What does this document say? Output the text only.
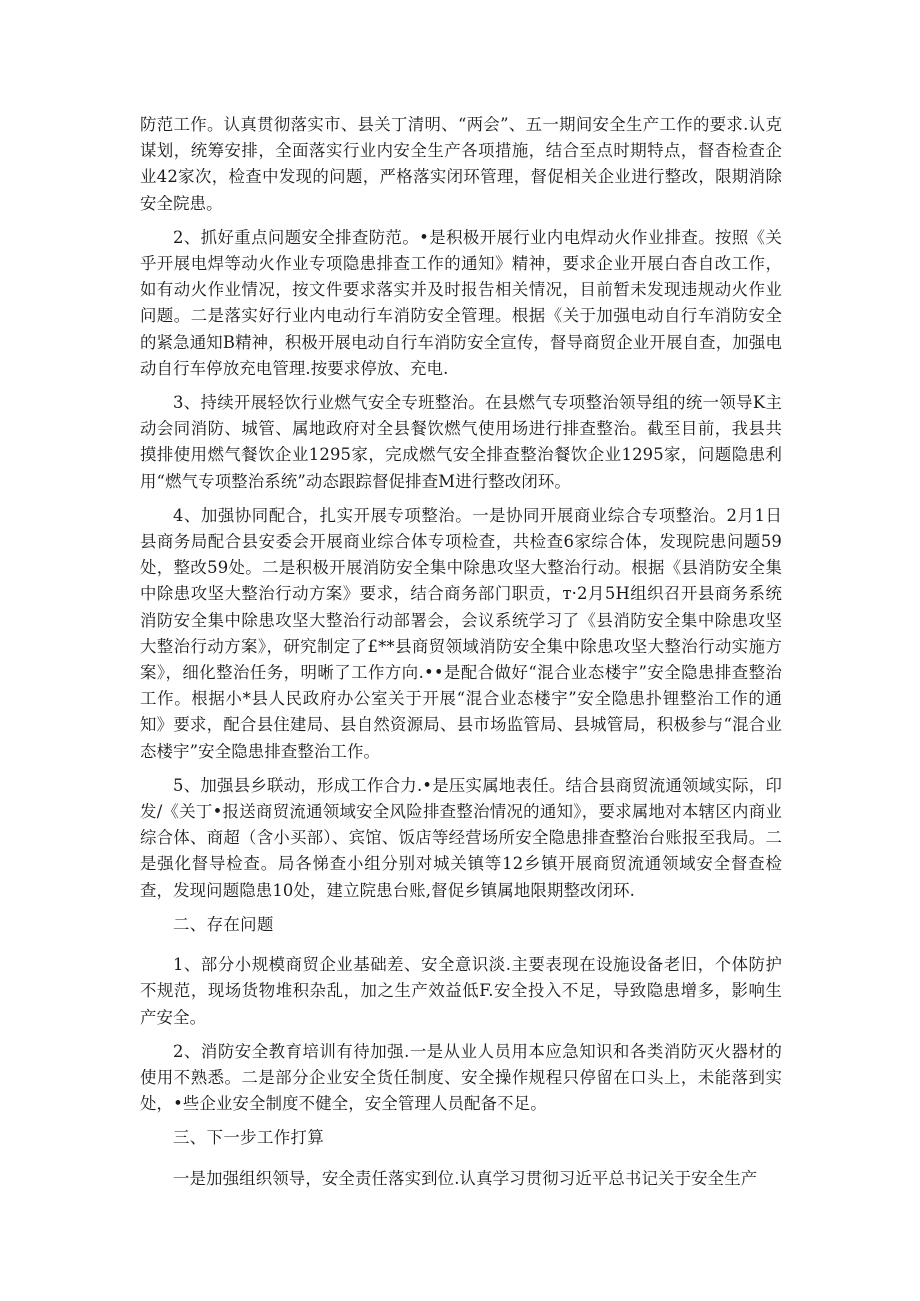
防范工作。认真贯彻落实市、县关丁清明、“两会”、五一期间安全生产工作的要求.认克谋划，统筹安排，全面落实行业内安全生产各项措施，结合至点时期特点，督杳检查企业42家次，检查中发现的问题，严格落实闭环管理，督促相关企业进行整改，限期消除安全院患。

2、抓好重点问题安全排查防范。•是积极开展行业内电焊动火作业排查。按照《关乎开展电焊等动火作业专项隐患排查工作的通知》精神，要求企业开展白杳自改工作，如有动火作业情况，按文件要求落实并及时报告相关情况，目前暂未发现违规动火作业问题。二是落实好行业内电动行车消防安全管理。根据《关于加强电动自行车消防安全的紧急通知B精神，积极开展电动自行车消防安全宣传，督导商贸企业开展自查，加强电动自行车停放充电管理.按要求停放、充电.

3、持续开展轻饮行业燃气安全专班整治。在县燃气专项整治领导组的统一领导K主动会同消防、城管、属地政府对全县餐饮燃气使用场进行排查整治。截至目前，我县共摸排使用燃气餐饮企业1295家，完成燃气安全排查整治餐饮企业1295家，问题隐患利用“燃气专项整治系统”动态跟踪督促排查M进行整改闭环。

4、加强协同配合，扎实开展专项整治。一是协同开展商业综合专项整治。2月1日县商务局配合县安委会开展商业综合体专项检查，共检查6家综合体，发现院患问题59处，整改59处。二是积极开展消防安全集中除患攻坚大整治行动。根据《县消防安全集中除患攻坚大整治行动方案》要求，结合商务部门职贡，т·2月5H组织召开县商务系统消防安全集中除患攻坚大整治行动部署会，会议系统学习了《县消防安全集中除患攻坚大整治行动方案》，研究制定了£**县商贸领域消防安全集中除患攻坚大整治行动实施方案》，细化整治任务，明晰了工作方向.••是配合做好“混合业态楼宇”安全隐患排查整治工作。根据小*县人民政府办公室关于开展“混合业态楼宇”安全隐患扑锂整治工作的通知》要求，配合县住建局、县自然资源局、县市场监管局、县城管局，积极参与“混合业态楼宇”安全隐患排查整治工作。

5、加强县乡联动，形成工作合力.•是压实属地表任。结合县商贸流通领域实际，印发/《关丁•报送商贸流通领域安全风险排查整治情况的通知》，要求属地对本辖区内商业综合体、商超（含小买部）、宾馆、饭店等经营场所安全隐患排查整治台账报至我局。二是强化督导检查。局各悌查小组分别对城关镇等12乡镇开展商贸流通领域安全督查检查，发现问题隐患10处，建立院患台账,督促乡镇属地限期整改闭环.

二、存在问题

1、部分小规模商贸企业基础差、安全意识淡.主要表现在设施设备老旧，个体防护不规范，现场货物堆积杂乱，加之生产效益低F.安全投入不足，导致隐患增多，影响生产安全。

2、消防安全教育培训有待加强.一是从业人员用本应急知识和各类消防灭火器材的使用不熟悉。二是部分企业安全货任制度、安全操作规程只停留在口头上，未能落到实处，•些企业安全制度不健全，安全管理人员配备不足。

三、下一步工作打算

一是加强组织领导，安全责任落实到位.认真学习贯彻习近平总书记关于安全生产
